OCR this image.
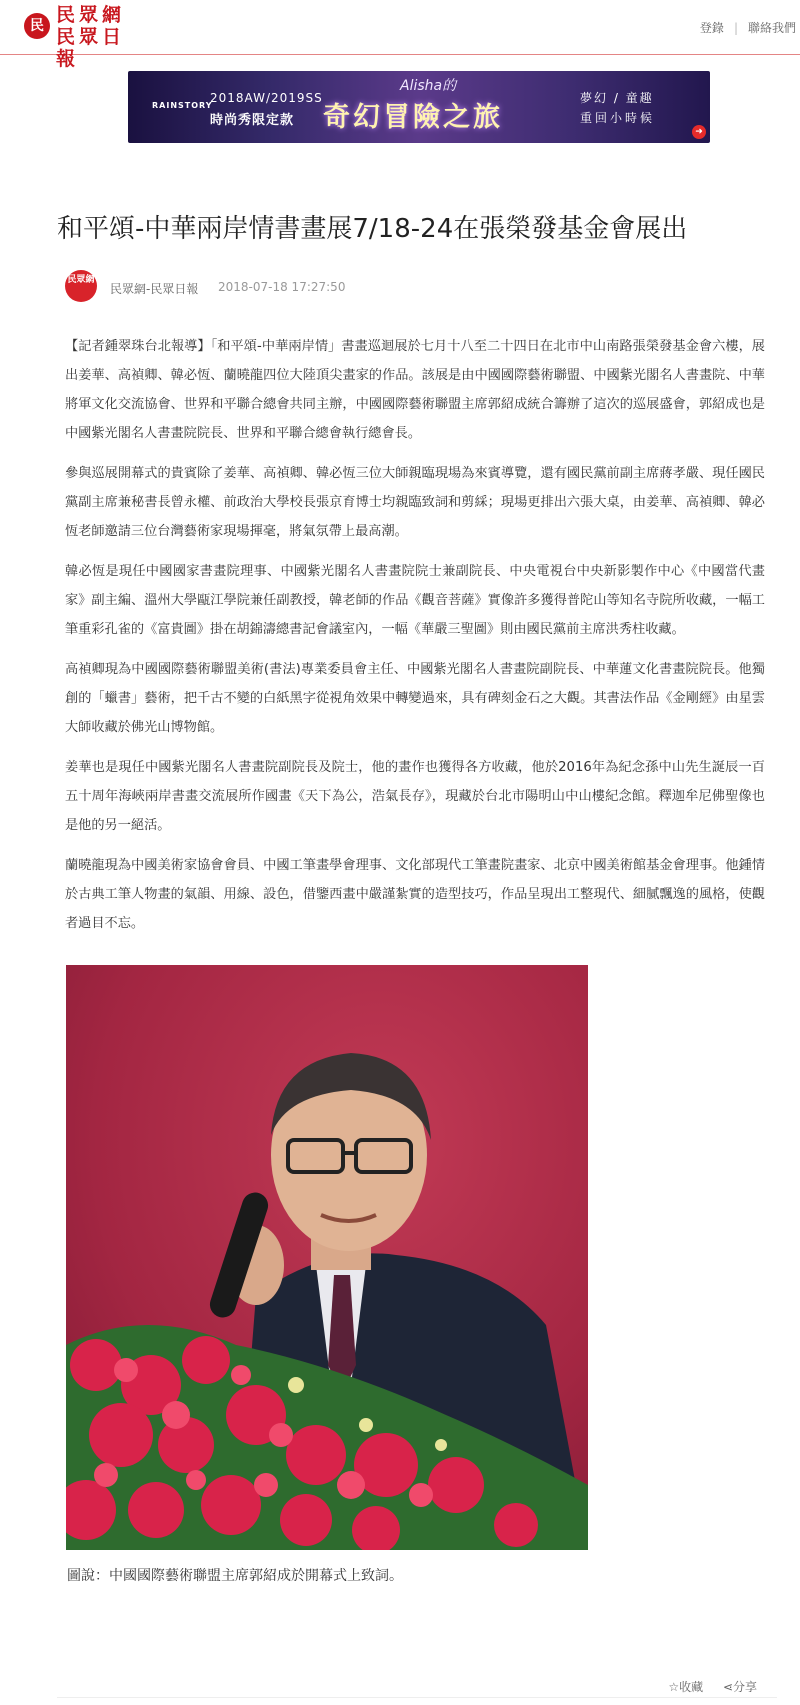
民 民眾網
民眾日報
登錄 | 聯絡我們
RAINSTORY
2018AW/2019SS
時尚秀限定款
Alisha的
奇幻冒險之旅
夢幻 / 童趣
重回小時候
➜
和平頌-中華兩岸情書畫展7/18-24在張榮發基金會展出
民眾網
民眾網-民眾日報 2018-07-18 17:27:50

【記者鍾翠珠台北報導】「和平頌-中華兩岸情」書畫巡迴展於七月十八至二十四日在北市中山南路張榮發基金會六樓，展出姜華、高禎卿、韓必恆、蘭曉龍四位大陸頂尖畫家的作品。該展是由中國國際藝術聯盟、中國紫光閣名人書畫院、中華將軍文化交流協會、世界和平聯合總會共同主辦，中國國際藝術聯盟主席郭紹成統合籌辦了這次的巡展盛會，郭紹成也是中國紫光閣名人書畫院院長、世界和平聯合總會執行總會長。

參與巡展開幕式的貴賓除了姜華、高禎卿、韓必恆三位大師親臨現場為來賓導覽，還有國民黨前副主席蔣孝嚴、現任國民黨副主席兼秘書長曾永權、前政治大學校長張京育博士均親臨致詞和剪綵；現場更排出六張大桌，由姜華、高禎卿、韓必恆老師邀請三位台灣藝術家現場揮毫，將氣氛帶上最高潮。

韓必恆是現任中國國家書畫院理事、中國紫光閣名人書畫院院士兼副院長、中央電視台中央新影製作中心《中國當代畫家》副主編、溫州大學甌江學院兼任副教授，韓老師的作品《觀音菩薩》實像許多獲得普陀山等知名寺院所收藏，一幅工筆重彩孔雀的《富貴圖》掛在胡錦濤總書記會議室內，一幅《華嚴三聖圖》則由國民黨前主席洪秀柱收藏。

高禎卿現為中國國際藝術聯盟美術(書法)專業委員會主任、中國紫光閣名人書畫院副院長、中華蓮文化書畫院院長。他獨創的「蠟書」藝術，把千古不變的白紙黑字從視角效果中轉變過來，具有碑刻金石之大觀。其書法作品《金剛經》由星雲大師收藏於佛光山博物館。

姜華也是現任中國紫光閣名人書畫院副院長及院士，他的畫作也獲得各方收藏，他於2016年為紀念孫中山先生誕辰一百五十周年海峽兩岸書畫交流展所作國畫《天下為公，浩氣長存》，現藏於台北市陽明山中山樓紀念館。釋迦牟尼佛聖像也是他的另一絕活。

蘭曉龍現為中國美術家協會會員、中國工筆畫學會理事、文化部現代工筆畫院畫家、北京中國美術館基金會理事。他鍾情於古典工筆人物畫的氣韻、用線、設色，借鑒西畫中嚴謹紮實的造型技巧，作品呈現出工整現代、細膩飄逸的風格，使觀者過目不忘。

圖說：中國國際藝術聯盟主席郭紹成於開幕式上致詞。
☆收藏 ⋖分享
